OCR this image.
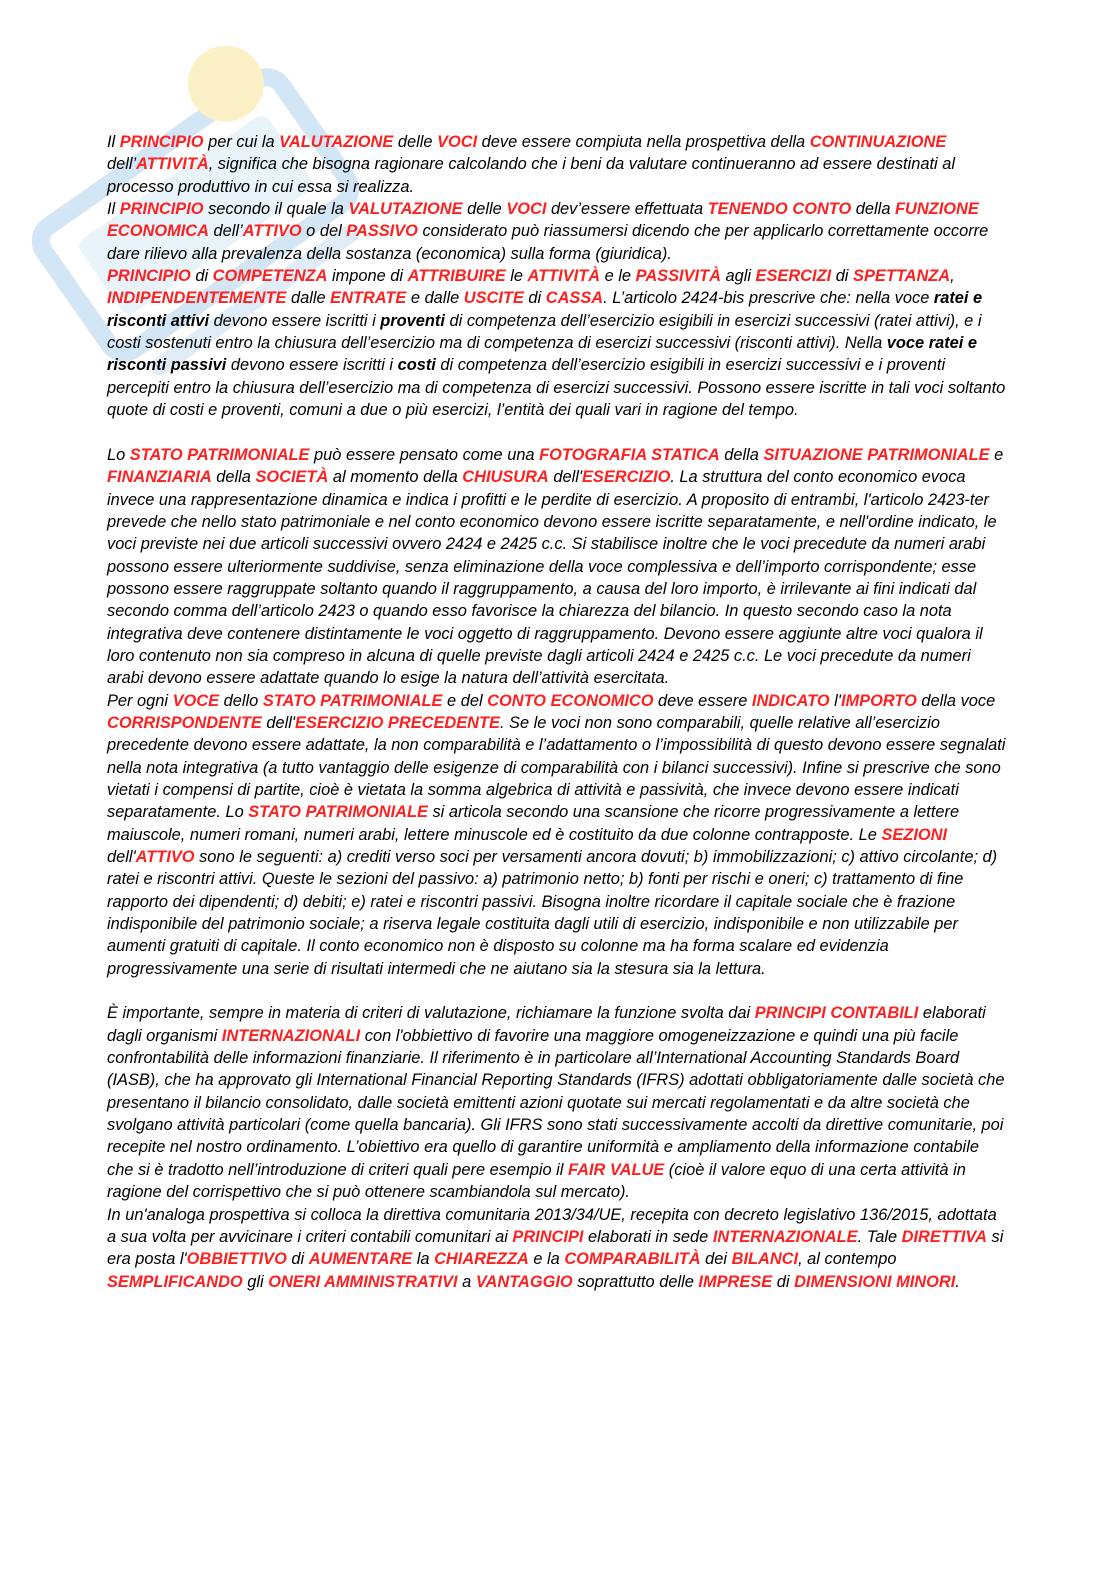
Il PRINCIPIO per cui la VALUTAZIONE delle VOCI deve essere compiuta nella prospettiva della CONTINUAZIONE dell’ATTIVITÀ, significa che bisogna ragionare calcolando che i beni da valutare continueranno ad essere destinati al processo produttivo in cui essa si realizza.
Il PRINCIPIO secondo il quale la VALUTAZIONE delle VOCI dev’essere effettuata TENENDO CONTO della FUNZIONE ECONOMICA dell’ATTIVO o del PASSIVO considerato può riassumersi dicendo che per applicarlo correttamente occorre dare rilievo alla prevalenza della sostanza (economica) sulla forma (giuridica).
PRINCIPIO di COMPETENZA impone di ATTRIBUIRE le ATTIVITÀ e le PASSIVITÀ agli ESERCIZI di SPETTANZA, INDIPENDENTEMENTE dalle ENTRATE e dalle USCITE di CASSA. L’articolo 2424-bis prescrive che: nella voce ratei e risconti attivi devono essere iscritti i proventi di competenza dell’esercizio esigibili in esercizi successivi (ratei attivi), e i costi sostenuti entro la chiusura dell’esercizio ma di competenza di esercizi successivi (risconti attivi). Nella voce ratei e risconti passivi devono essere iscritti i costi di competenza dell’esercizio esigibili in esercizi successivi e i proventi percepiti entro la chiusura dell’esercizio ma di competenza di esercizi successivi. Possono essere iscritte in tali voci soltanto quote di costi e proventi, comuni a due o più esercizi, l’entità dei quali vari in ragione del tempo.

Lo STATO PATRIMONIALE può essere pensato come una FOTOGRAFIA STATICA della SITUAZIONE PATRIMONIALE e FINANZIARIA della SOCIETÀ al momento della CHIUSURA dell'ESERCIZIO. La struttura del conto economico evoca invece una rappresentazione dinamica e indica i profitti e le perdite di esercizio. A proposito di entrambi, l'articolo 2423-ter prevede che nello stato patrimoniale e nel conto economico devono essere iscritte separatamente, e nell'ordine indicato, le voci previste nei due articoli successivi ovvero 2424 e 2425 c.c. Si stabilisce inoltre che le voci precedute da numeri arabi possono essere ulteriormente suddivise, senza eliminazione della voce complessiva e dell’importo corrispondente; esse possono essere raggruppate soltanto quando il raggruppamento, a causa del loro importo, è irrilevante ai fini indicati dal secondo comma dell’articolo 2423 o quando esso favorisce la chiarezza del bilancio. In questo secondo caso la nota integrativa deve contenere distintamente le voci oggetto di raggruppamento. Devono essere aggiunte altre voci qualora il loro contenuto non sia compreso in alcuna di quelle previste dagli articoli 2424 e 2425 c.c. Le voci precedute da numeri arabi devono essere adattate quando lo esige la natura dell’attività esercitata.
Per ogni VOCE dello STATO PATRIMONIALE e del CONTO ECONOMICO deve essere INDICATO l'IMPORTO della voce CORRISPONDENTE dell'ESERCIZIO PRECEDENTE. Se le voci non sono comparabili, quelle relative all’esercizio precedente devono essere adattate, la non comparabilità e l’adattamento o l’impossibilità di questo devono essere segnalati nella nota integrativa (a tutto vantaggio delle esigenze di comparabilità con i bilanci successivi). Infine si prescrive che sono vietati i compensi di partite, cioè è vietata la somma algebrica di attività e passività, che invece devono essere indicati separatamente. Lo STATO PATRIMONIALE si articola secondo una scansione che ricorre progressivamente a lettere maiuscole, numeri romani, numeri arabi, lettere minuscole ed è costituito da due colonne contrapposte. Le SEZIONI dell'ATTIVO sono le seguenti: a) crediti verso soci per versamenti ancora dovuti; b) immobilizzazioni; c) attivo circolante; d) ratei e riscontri attivi. Queste le sezioni del passivo: a) patrimonio netto; b) fonti per rischi e oneri; c) trattamento di fine rapporto dei dipendenti; d) debiti; e) ratei e riscontri passivi. Bisogna inoltre ricordare il capitale sociale che è frazione indisponibile del patrimonio sociale; a riserva legale costituita dagli utili di esercizio, indisponibile e non utilizzabile per aumenti gratuiti di capitale. Il conto economico non è disposto su colonne ma ha forma scalare ed evidenzia progressivamente una serie di risultati intermedi che ne aiutano sia la stesura sia la lettura.

È importante, sempre in materia di criteri di valutazione, richiamare la funzione svolta dai PRINCIPI CONTABILI elaborati dagli organismi INTERNAZIONALI con l'obbiettivo di favorire una maggiore omogeneizzazione e quindi una più facile confrontabilità delle informazioni finanziarie. Il riferimento è in particolare all’International Accounting Standards Board (IASB), che ha approvato gli International Financial Reporting Standards (IFRS) adottati obbligatoriamente dalle società che presentano il bilancio consolidato, dalle società emittenti azioni quotate sui mercati regolamentati e da altre società che svolgano attività particolari (come quella bancaria). Gli IFRS sono stati successivamente accolti da direttive comunitarie, poi recepite nel nostro ordinamento. L’obiettivo era quello di garantire uniformità e ampliamento della informazione contabile che si è tradotto nell’introduzione di criteri quali pere esempio il FAIR VALUE (cioè il valore equo di una certa attività in ragione del corrispettivo che si può ottenere scambiandola sul mercato).
In un'analoga prospettiva si colloca la direttiva comunitaria 2013/34/UE, recepita con decreto legislativo 136/2015, adottata a sua volta per avvicinare i criteri contabili comunitari ai PRINCIPI elaborati in sede INTERNAZIONALE. Tale DIRETTIVA si era posta l'OBBIETTIVO di AUMENTARE la CHIAREZZA e la COMPARABILITÀ dei BILANCI, al contempo SEMPLIFICANDO gli ONERI AMMINISTRATIVI a VANTAGGIO soprattutto delle IMPRESE di DIMENSIONI MINORI.
